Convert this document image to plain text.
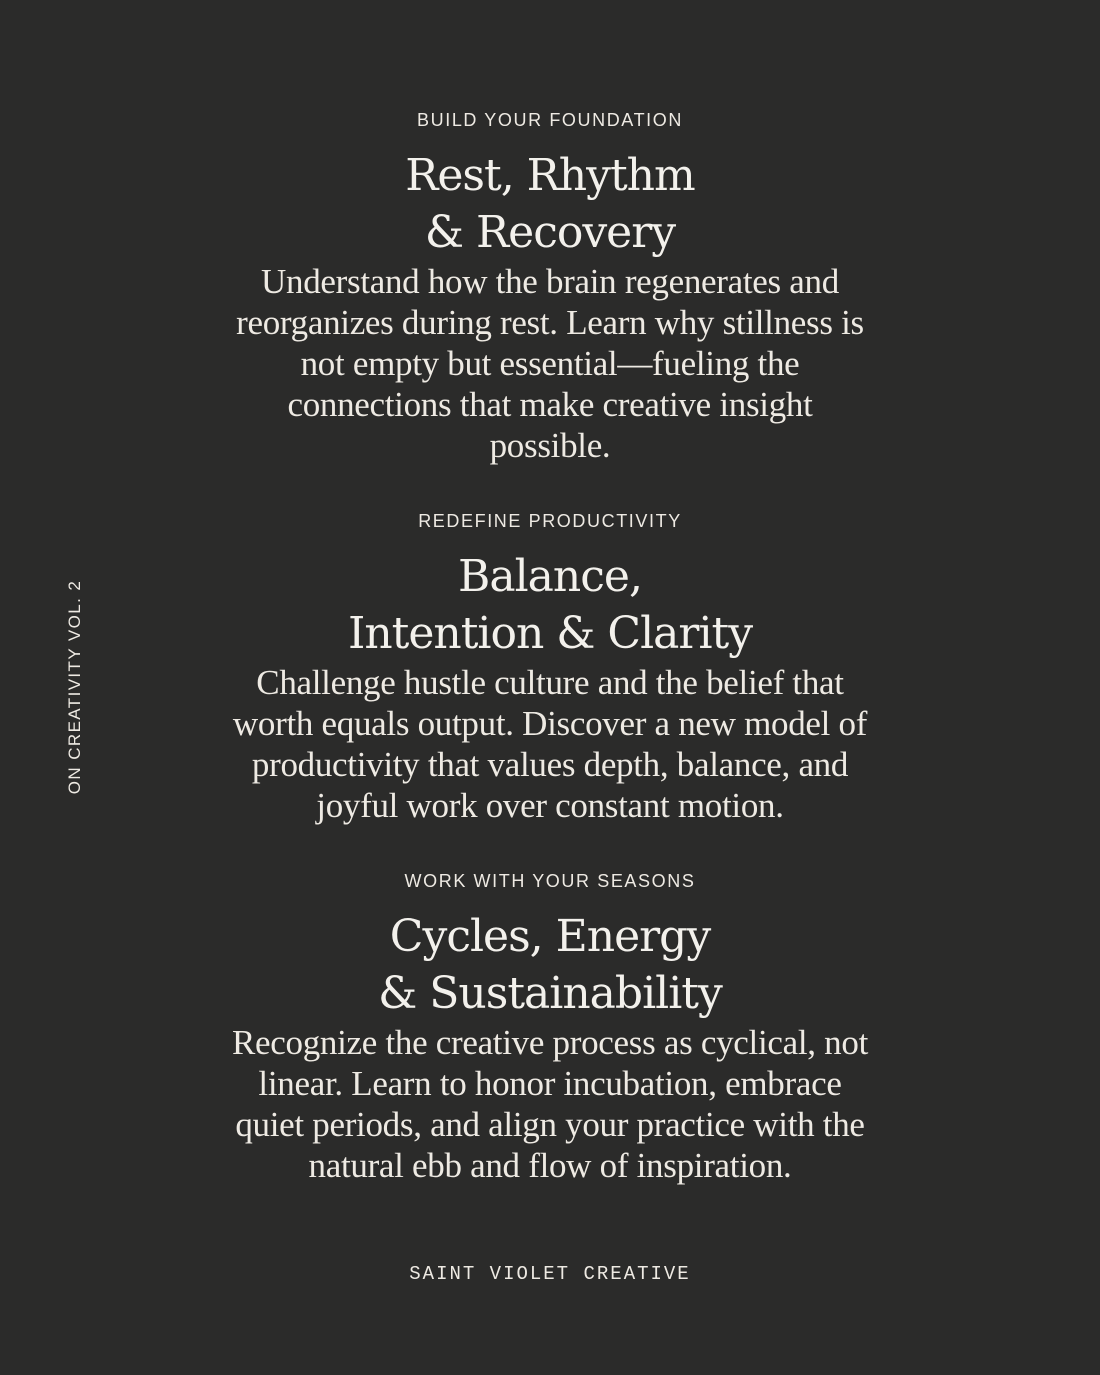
ON CREATIVITY VOL. 2
BUILD YOUR FOUNDATION
Rest, Rhythm
& Recovery
Understand how the brain regenerates and
reorganizes during rest. Learn why stillness is
not empty but essential—fueling the
connections that make creative insight
possible.
REDEFINE PRODUCTIVITY
Balance,
Intention & Clarity
Challenge hustle culture and the belief that
worth equals output. Discover a new model of
productivity that values depth, balance, and
joyful work over constant motion.
WORK WITH YOUR SEASONS
Cycles, Energy
& Sustainability
Recognize the creative process as cyclical, not
linear. Learn to honor incubation, embrace
quiet periods, and align your practice with the
natural ebb and flow of inspiration.
SAINT VIOLET CREATIVE
